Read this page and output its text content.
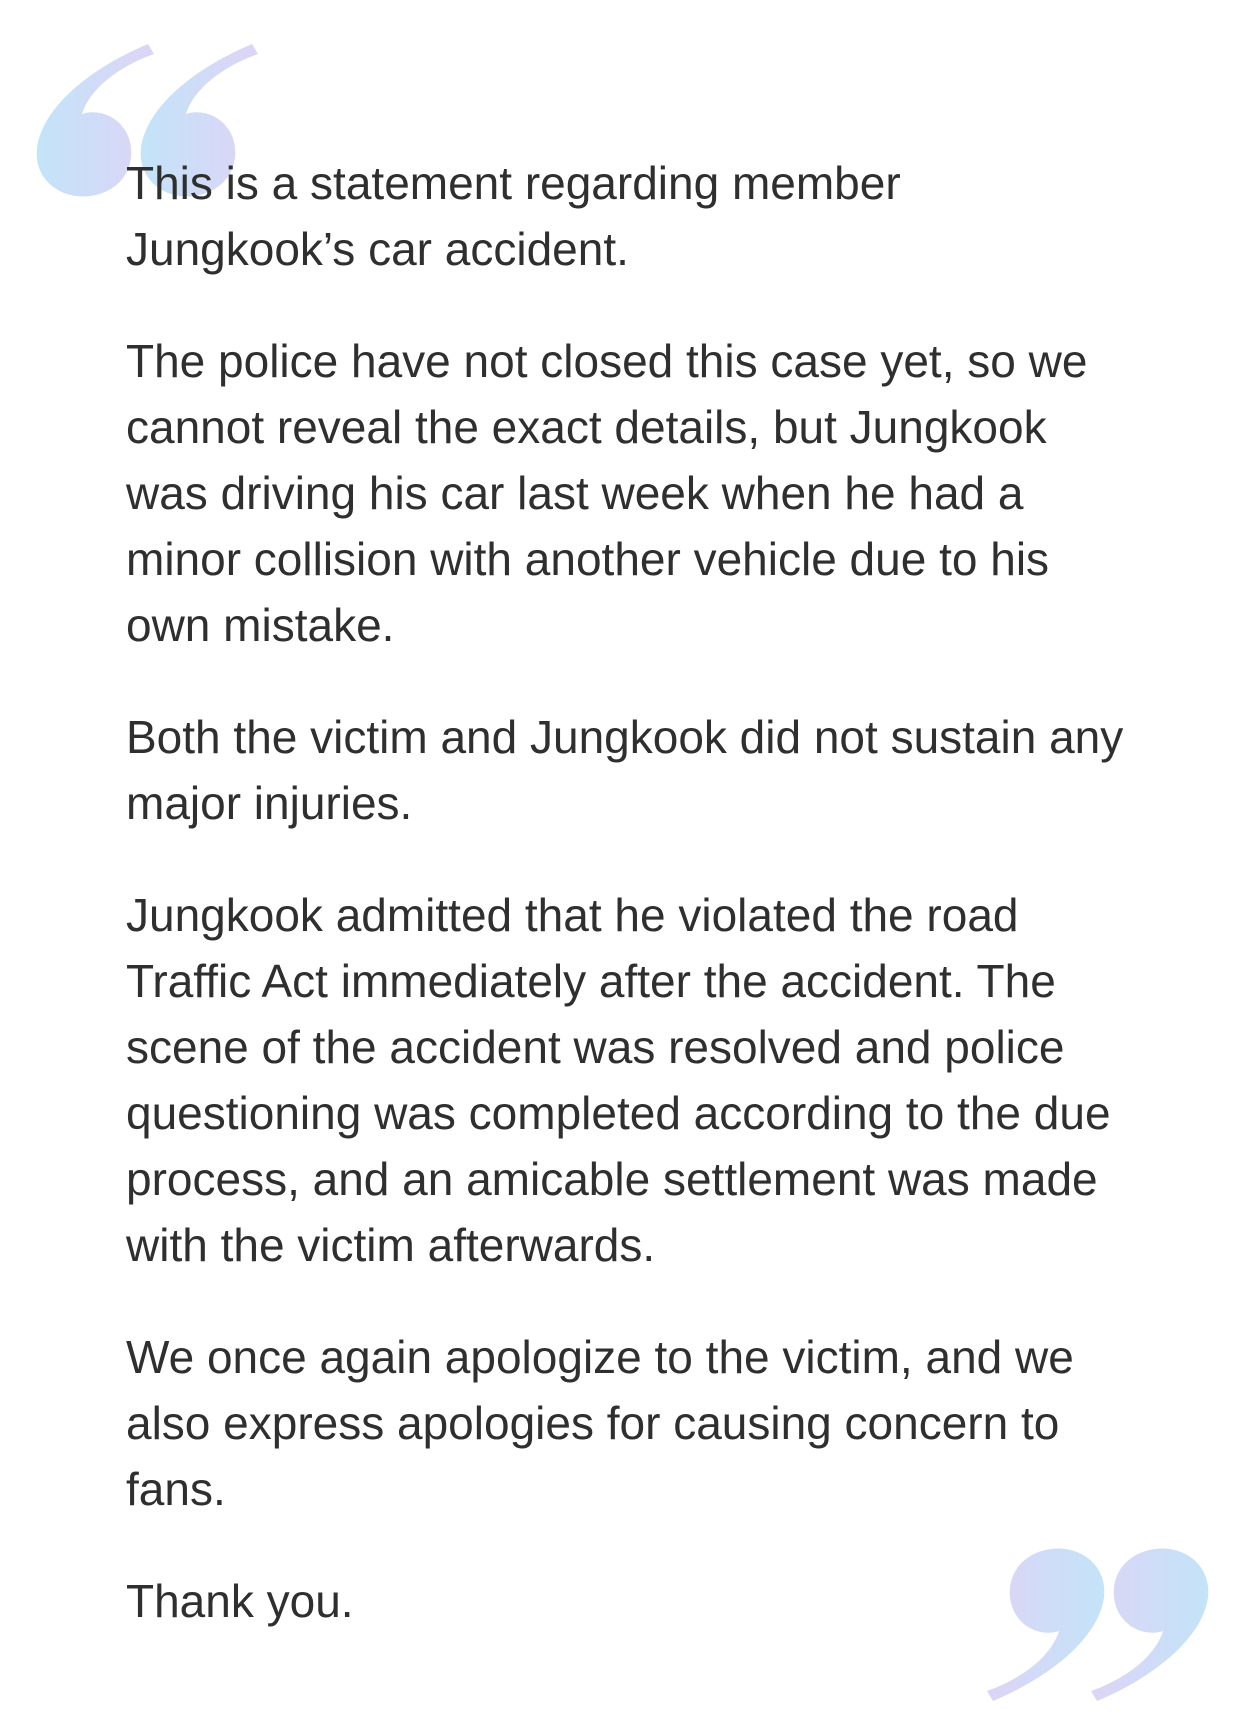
This is a statement regarding member Jungkook’s car accident.

The police have not closed this case yet, so we cannot reveal the exact details, but Jungkook was driving his car last week when he had a minor collision with another vehicle due to his own mistake.

Both the victim and Jungkook did not sustain any major injuries.

Jungkook admitted that he violated the road Traffic Act immediately after the accident. The scene of the accident was resolved and police questioning was completed according to the due process, and an amicable settlement was made with the victim afterwards.

We once again apologize to the victim, and we also express apologies for causing concern to fans.

Thank you.
